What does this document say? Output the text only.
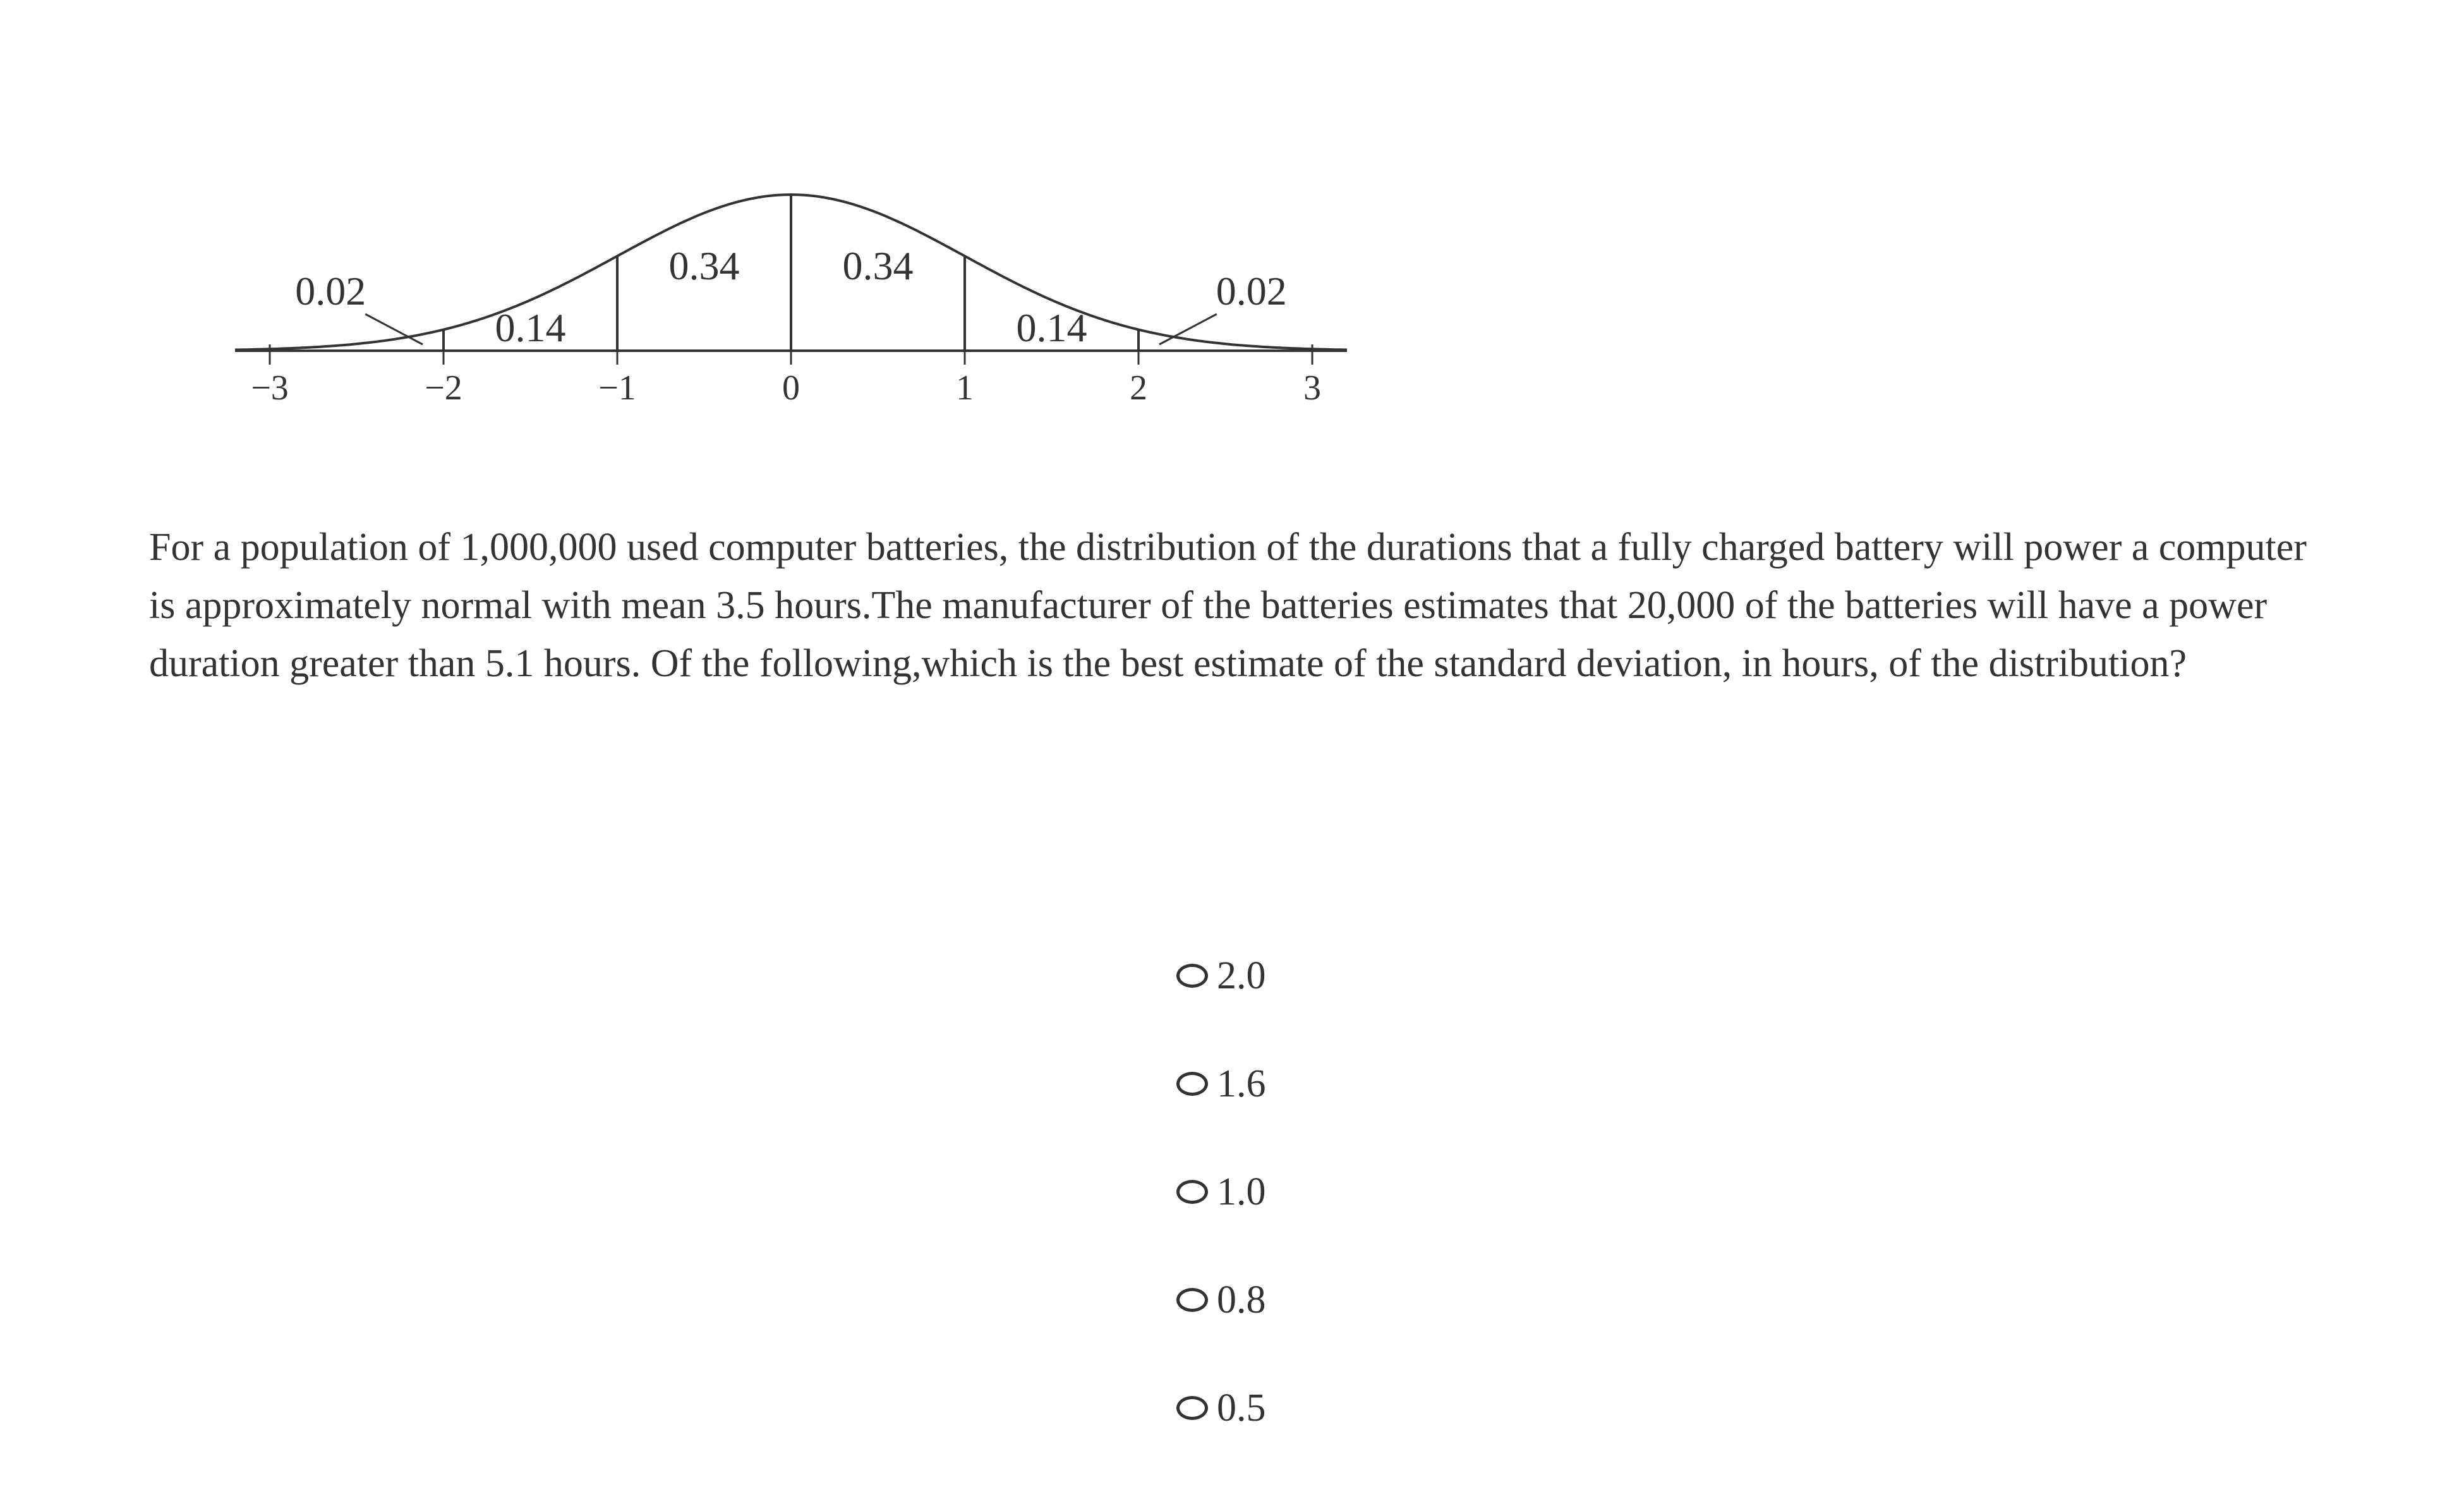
−3	−2	−1	0	1	2	3
0.02
0.14
0.34	0.34
0.14
0.02

For a population of 1,000,000 used computer batteries, the distribution of the durations that a fully charged battery will power a computer is approximately normal with mean 3.5 hours.The manufacturer of the batteries estimates that 20,000 of the batteries will have a power duration greater than 5.1 hours. Of the following,which is the best estimate of the standard deviation, in hours, of the distribution?

2.0
1.6
1.0
0.8
0.5
